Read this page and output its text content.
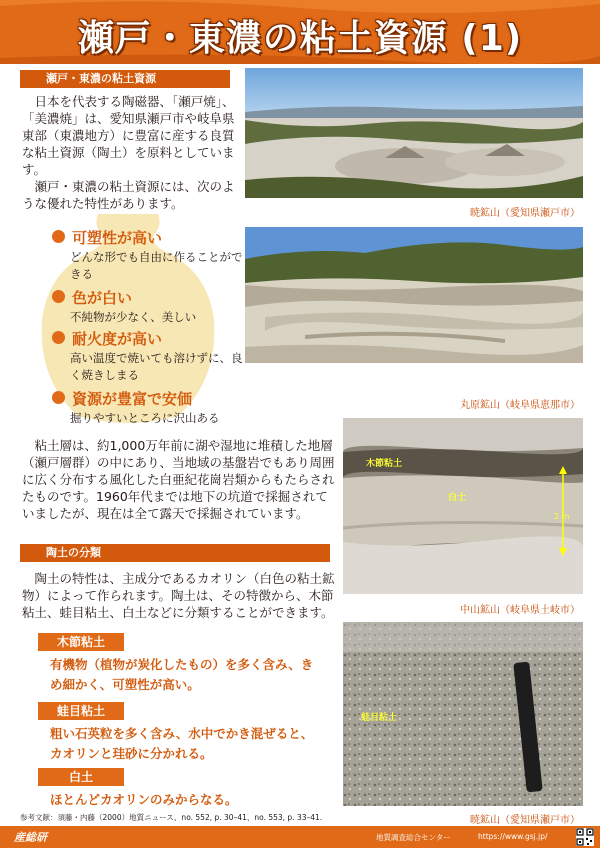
瀬戸・東濃の粘土資源 (1)
瀬戸・東濃の粘土資源

日本を代表する陶磁器、「瀬戸焼」、「美濃焼」は、愛知県瀬戸市や岐阜県東部（東濃地方）に豊富に産する良質な粘土資源（陶土）を原料としています。

瀬戸・東濃の粘土資源には、次のような優れた特性があります。

可塑性が高い
どんな形でも自由に作ることができる
色が白い
不純物が少なく、美しい
耐火度が高い
高い温度で焼いても溶けずに、良く焼きしまる
資源が豊富で安価
掘りやすいところに沢山ある
暁鉱山（愛知県瀬戸市）
丸原鉱山（岐阜県恵那市）
粘土層は、約1,000万年前に湖や湿地に堆積した地層（瀬戸層群）の中にあり、当地域の基盤岩でもあり周囲に広く分布する風化した白亜紀花崗岩類からもたらされたものです。1960年代までは地下の坑道で採掘されていましたが、現在は全て露天で採掘されています。
木節粘土
白土
2 m
中山鉱山（岐阜県土岐市）
陶土の分類
陶土の特性は、主成分であるカオリン（白色の粘土鉱物）によって作られます。陶土は、その特徴から、木節粘土、蛙目粘土、白土などに分類することができます。
木節粘土
有機物（植物が炭化したもの）を多く含み、きめ細かく、可塑性が高い。
蛙目粘土
粗い石英粒を多く含み、水中でかき混ぜると、カオリンと珪砂に分かれる。
白土
ほとんどカオリンのみからなる。
蛙目粘土
暁鉱山（愛知県瀬戸市）
参考文献：須藤・内藤（2000）地質ニュース、no. 552, p. 30–41、no. 553, p. 33–41.
産総研	地質調査総合センター	https://www.gsj.jp/
